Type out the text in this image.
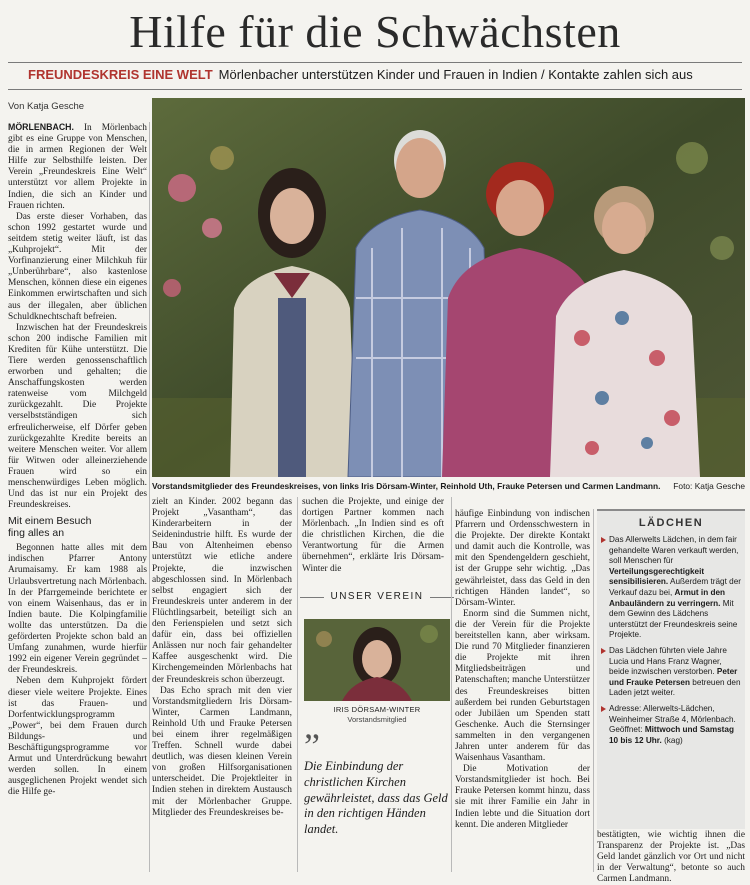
Hilfe für die Schwächsten
FREUNDESKREIS EINE WELT Mörlenbacher unterstützen Kinder und Frauen in Indien / Kontakte zahlen sich aus
Von Katja Gesche

MÖRLENBACH. In Mörlenbach gibt es eine Gruppe von Menschen, die in armen Regionen der Welt Hilfe zur Selbsthilfe leisten. Der Verein „Freundeskreis Eine Welt“ unterstützt vor allem Projekte in Indien, die sich an Kinder und Frauen richten.

Das erste dieser Vorhaben, das schon 1992 gestartet wurde und seitdem stetig weiter läuft, ist das „Kuhprojekt“. Mit der Vorfinanzierung einer Milchkuh für „Unberührbare“, also kastenlose Menschen, können diese ein eigenes Einkommen erwirtschaften und sich aus der illegalen, aber üblichen Schuldknechtschaft befreien.

Inzwischen hat der Freundeskreis schon 200 indische Familien mit Krediten für Kühe unterstützt. Die Tiere werden genossenschaftlich erworben und gehalten; die Anschaffungskosten werden ratenweise vom Milchgeld zurückgezahlt. Die Projekte verselbstständigen sich erfreulicherweise, elf Dörfer geben zurückgezahlte Kredite bereits an weitere Menschen weiter. Vor allem für Witwen oder alleinerziehende Frauen wird so ein menschenwürdiges Leben möglich. Und das ist nur ein Projekt des Freundeskreises.

Mit einem Besuch
fing alles an

Begonnen hatte alles mit dem indischen Pfarrer Antony Arumaisamy. Er kam 1988 als Urlaubsvertretung nach Mörlenbach. In der Pfarrgemeinde berichtete er von einem Waisenhaus, das er in Indien baute. Die Kolpingfamilie wollte das unterstützen. Da die geförderten Projekte schon bald an Umfang zunahmen, wurde hierfür 1992 ein eigener Verein gegründet – der Freundeskreis.

Neben dem Kuhprojekt fördert dieser viele weitere Projekte. Eines ist das Frauen- und Dorfentwicklungsprogramm „Power“, bei dem Frauen durch Bildungs- und Beschäftigungsprogramme vor Armut und Unterdrückung bewahrt werden sollen. In einem ausgeglichenen Projekt wendet sich die Hilfe ge-

Vorstandsmitglieder des Freundeskreises, von links Iris Dörsam-Winter, Reinhold Uth, Frauke Petersen und Carmen Landmann. Foto: Katja Gesche

zielt an Kinder. 2002 begann das Projekt „Vasantham“, das Kinderarbeitern in der Seidenindustrie hilft. Es wurde der Bau von Altenheimen ebenso unterstützt wie etliche andere Projekte, die inzwischen abgeschlossen sind. In Mörlenbach selbst engagiert sich der Freundeskreis unter anderem in der Flüchtlingsarbeit, beteiligt sich an den Ferienspielen und setzt sich dafür ein, dass bei offiziellen Anlässen nur noch fair gehandelter Kaffee ausgeschenkt wird. Die Kirchengemeinden Mörlenbachs hat der Freundeskreis schon überzeugt.

Das Echo sprach mit den vier Vorstandsmitgliedern Iris Dörsam-Winter, Carmen Landmann, Reinhold Uth und Frauke Petersen bei einem ihrer regelmäßigen Treffen. Schnell wurde dabei deutlich, was diesen kleinen Verein von großen Hilfsorganisationen unterscheidet. Die Projektleiter in Indien stehen in direktem Austausch mit der Mörlenbacher Gruppe. Mitglieder des Freundeskreises be-

suchen die Projekte, und einige der dortigen Partner kommen nach Mörlenbach. „In Indien sind es oft die christlichen Kirchen, die die Verantwortung für die Armen übernehmen“, erklärte Iris Dörsam-Winter die

UNSER VEREIN
IRIS DÖRSAM-WINTER
Vorstandsmitglied
”
Die Einbindung der christlichen Kirchen gewährleistet, dass das Geld in den richtigen Händen landet.

häufige Einbindung von indischen Pfarrern und Ordensschwestern in die Projekte. Der direkte Kontakt und damit auch die Kontrolle, was mit den Spendengeldern geschieht, ist der Gruppe sehr wichtig. „Das gewährleistet, dass das Geld in den richtigen Händen landet“, so Dörsam-Winter.

Enorm sind die Summen nicht, die der Verein für die Projekte bereitstellen kann, aber wirksam. Die rund 70 Mitglieder finanzieren die Projekte mit ihren Mitgliedsbeiträgen und Patenschaften; manche Unterstützer des Freundeskreises bitten außerdem bei runden Geburtstagen oder Jubiläen um Spenden statt Geschenke. Auch die Sternsinger sammelten in den vergangenen Jahren unter anderem für das Waisenhaus Vasantham.

Die Motivation der Vorstandsmitglieder ist hoch. Bei Frauke Petersen kommt hinzu, dass sie mit ihrer Familie ein Jahr in Indien lebte und die Situation dort kennt. Die anderen Mitglieder

LÄDCHEN
Das Allerwelts Lädchen, in dem fair gehandelte Waren verkauft werden, soll Menschen für Verteilungsgerechtigkeit sensibilisieren. Außerdem trägt der Verkauf dazu bei, Armut in den Anbauländern zu verringern. Mit dem Gewinn des Lädchens unterstützt der Freundeskreis seine Projekte.
Das Lädchen führten viele Jahre Lucia und Hans Franz Wagner, beide inzwischen verstorben. Peter und Frauke Petersen betreuen den Laden jetzt weiter.
Adresse: Allerwelts-Lädchen, Weinheimer Straße 4, Mörlenbach. Geöffnet: Mittwoch und Samstag 10 bis 12 Uhr. (kag)

bestätigten, wie wichtig ihnen die Transparenz der Projekte ist. „Das Geld landet gänzlich vor Ort und nicht in der Verwaltung“, betonte so auch Carmen Landmann.
